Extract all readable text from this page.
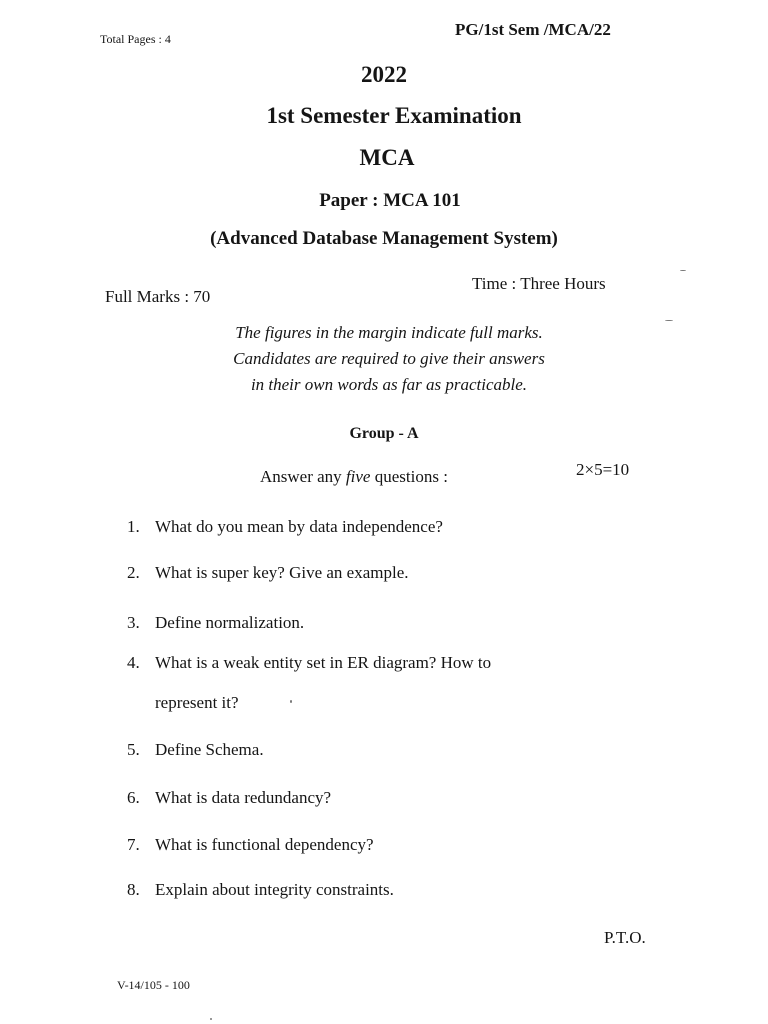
Total Pages : 4	PG/1st Sem /MCA/22
2022
1st Semester Examination
MCA
Paper : MCA 101
(Advanced Database Management System)
Full Marks : 70
Time : Three Hours
The figures in the margin indicate full marks.
Candidates are required to give their answers
in their own words as far as practicable.
Group - A
Answer any five questions :	2×5=10
1. What do you mean by data independence?
2. What is super key? Give an example.
3. Define normalization.
4. What is a weak entity set in ER diagram? How to
represent it?
5. Define Schema.
6. What is data redundancy?
7. What is functional dependency?
8. Explain about integrity constraints.
P.T.O.
V-14/105 - 100
